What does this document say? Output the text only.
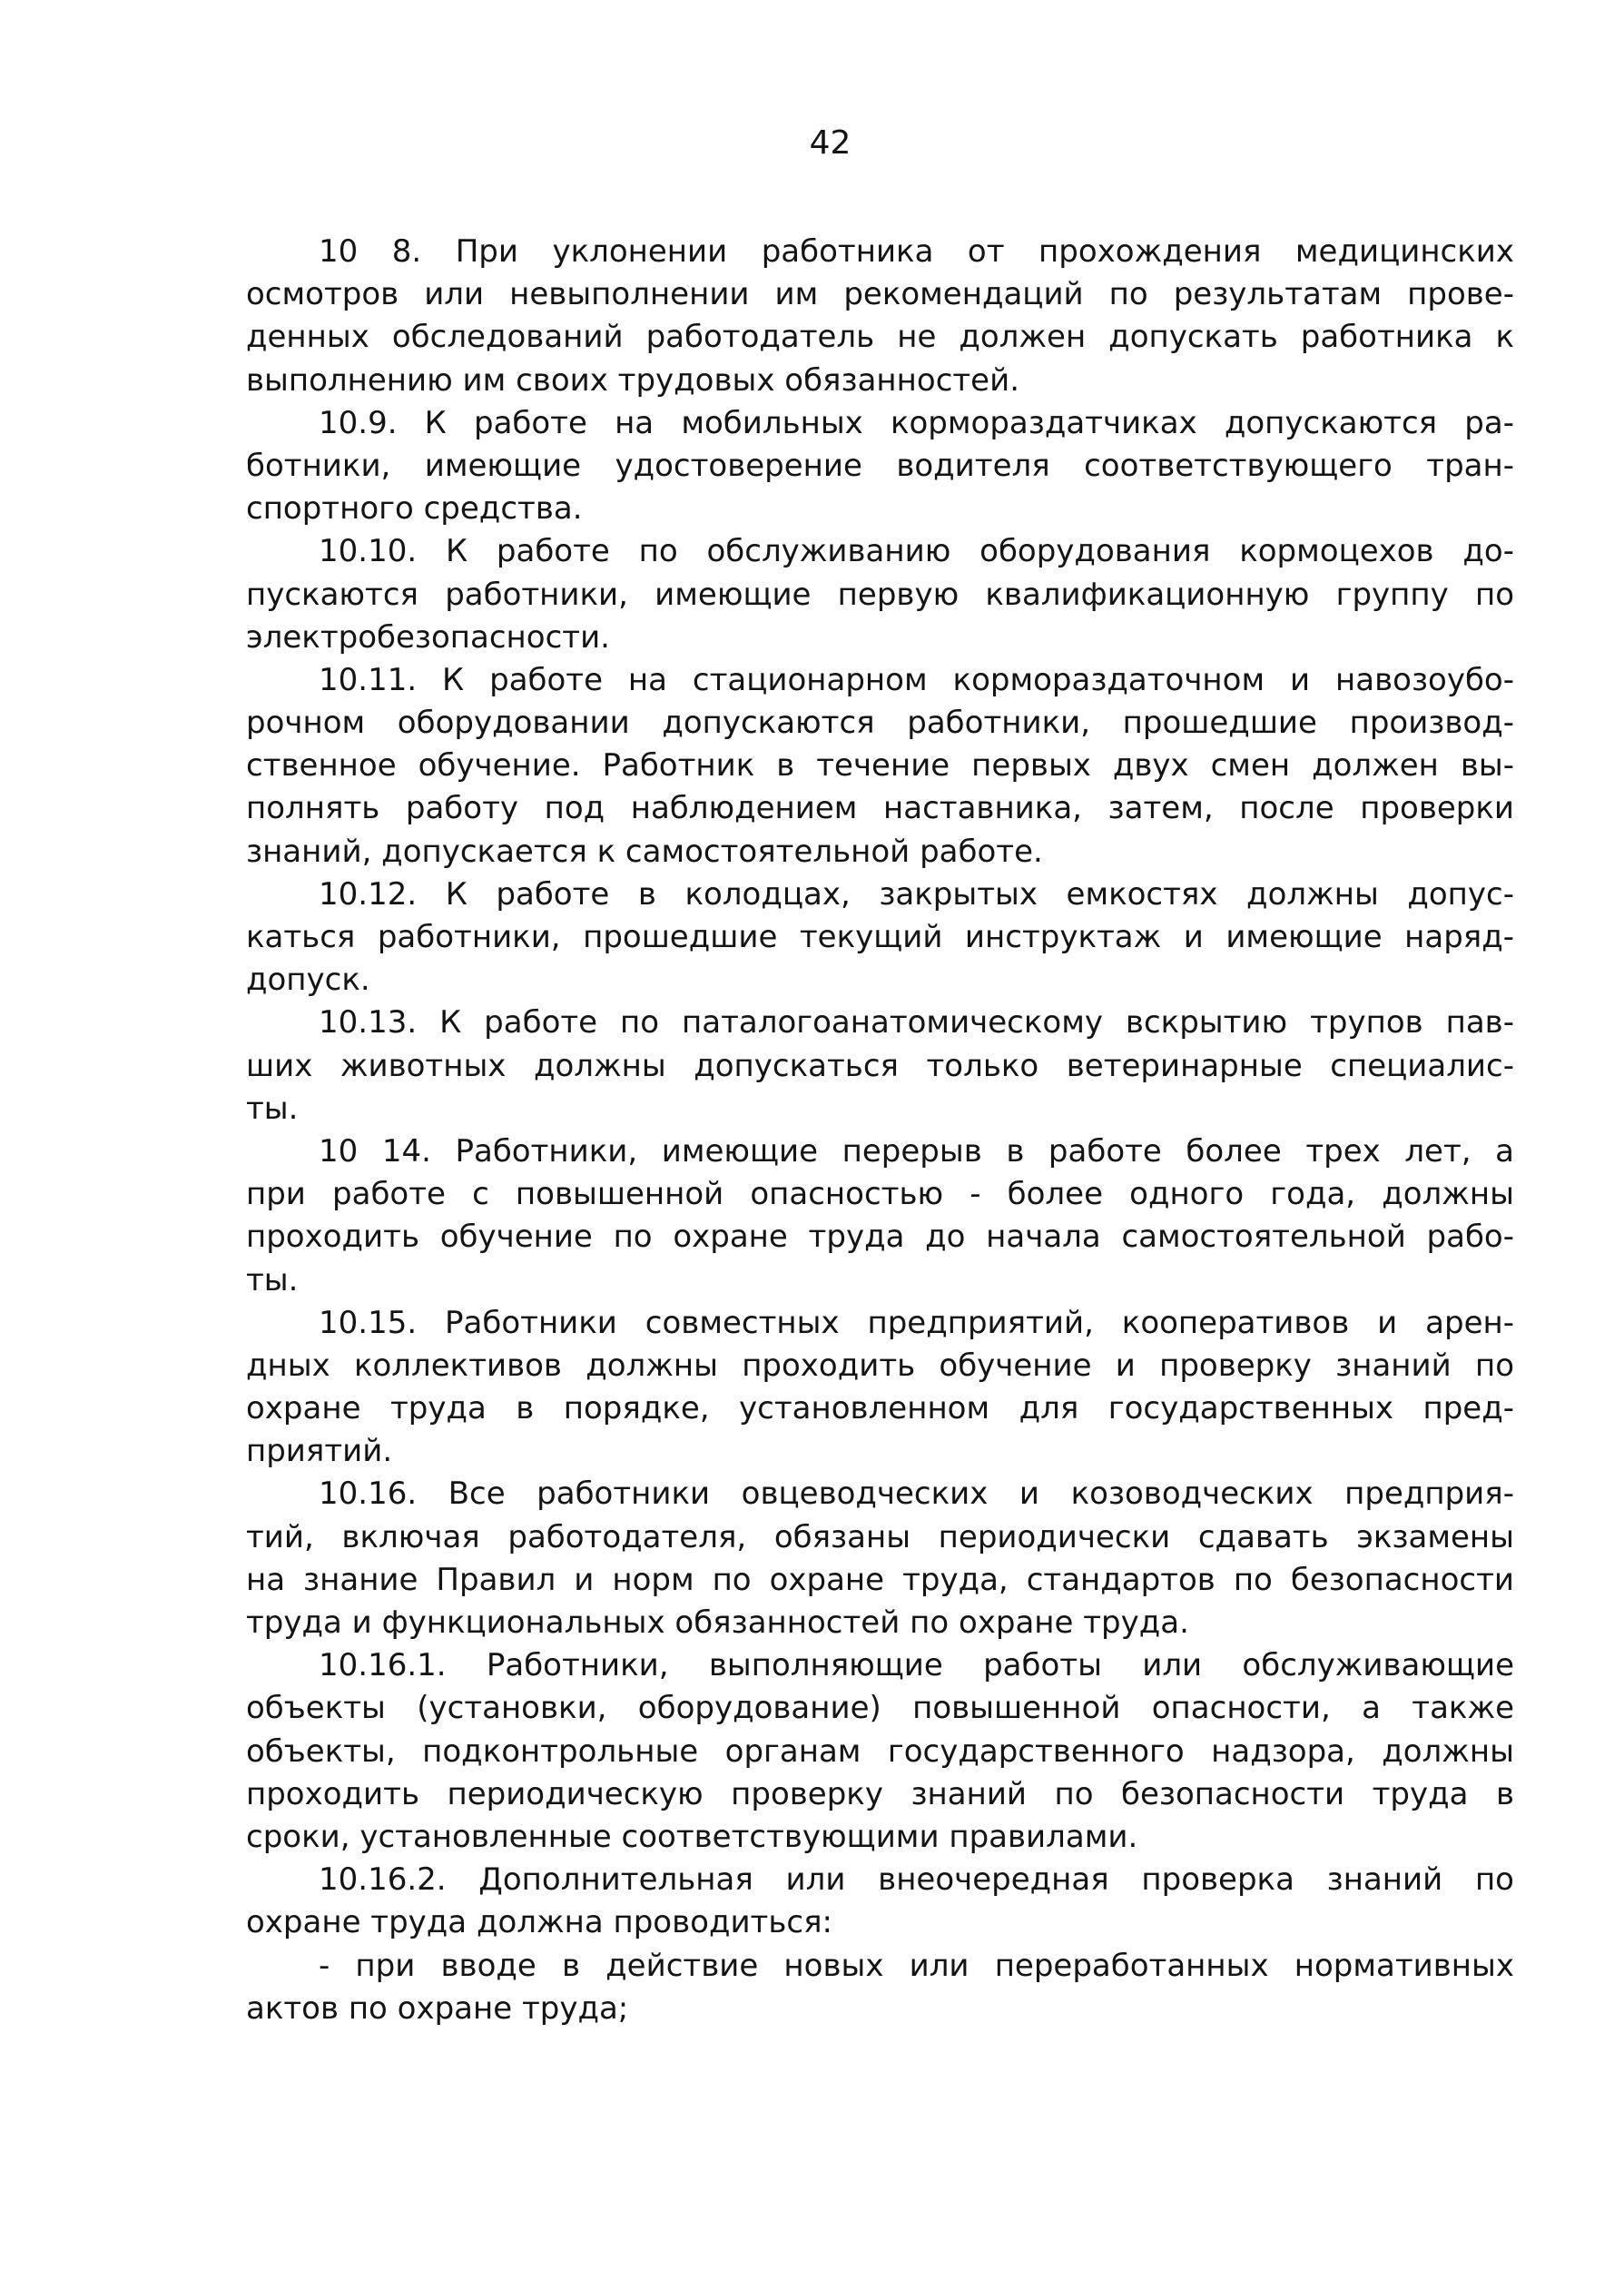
42
10 8. При уклонении работника от прохождения медицинских
осмотров или невыполнении им рекомендаций по результатам прове-
денных обследований работодатель не должен допускать работника к
выполнению им своих трудовых обязанностей.
10.9. К работе на мобильных кормораздатчиках допускаются ра-
ботники, имеющие удостоверение водителя соответствующего тран-
спортного средства.
10.10. К работе по обслуживанию оборудования кормоцехов до-
пускаются работники, имеющие первую квалификационную группу по
электробезопасности.
10.11. К работе на стационарном кормораздаточном и навозоубо-
рочном оборудовании допускаются работники, прошедшие производ-
ственное обучение. Работник в течение первых двух смен должен вы-
полнять работу под наблюдением наставника, затем, после проверки
знаний, допускается к самостоятельной работе.
10.12. К работе в колодцах, закрытых емкостях должны допус-
каться работники, прошедшие текущий инструктаж и имеющие наряд-
допуск.
10.13. К работе по паталогоанатомическому вскрытию трупов пав-
ших животных должны допускаться только ветеринарные специалис-
ты.
10 14. Работники, имеющие перерыв в работе более трех лет, а
при работе с повышенной опасностью - более одного года, должны
проходить обучение по охране труда до начала самостоятельной рабо-
ты.
10.15. Работники совместных предприятий, кооперативов и арен-
дных коллективов должны проходить обучение и проверку знаний по
охране труда в порядке, установленном для государственных пред-
приятий.
10.16. Все работники овцеводческих и козоводческих предприя-
тий, включая работодателя, обязаны периодически сдавать экзамены
на знание Правил и норм по охране труда, стандартов по безопасности
труда и функциональных обязанностей по охране труда.
10.16.1. Работники, выполняющие работы или обслуживающие
объекты (установки, оборудование) повышенной опасности, а также
объекты, подконтрольные органам государственного надзора, должны
проходить периодическую проверку знаний по безопасности труда в
сроки, установленные соответствующими правилами.
10.16.2. Дополнительная или внеочередная проверка знаний по
охране труда должна проводиться:
- при вводе в действие новых или переработанных нормативных
актов по охране труда;
